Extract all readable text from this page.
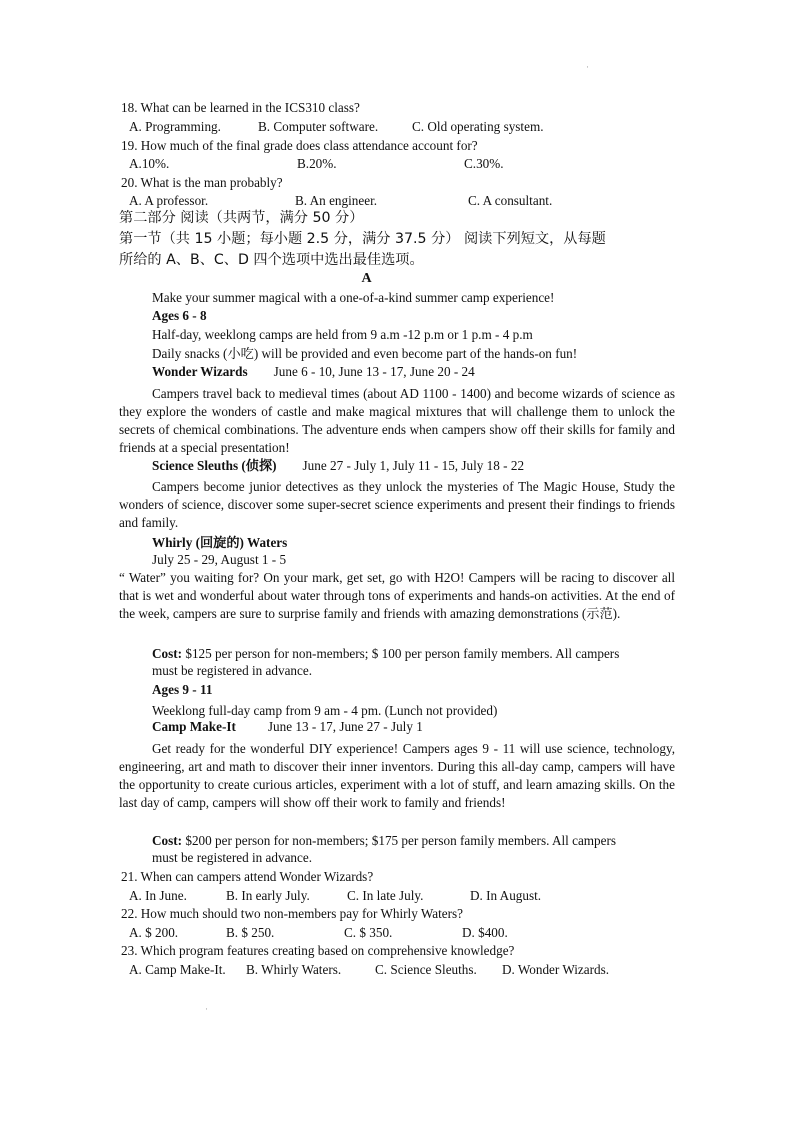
·
18. What can be learned in the ICS310 class?
A. Programming.	B. Computer software.	C. Old operating system.
19. How much of the final grade does class attendance account for?
A.10%.	B.20%.	C.30%.
20. What is the man probably?
A. A professor.	B. An engineer.	C. A consultant.
第二部分 阅读（共两节，满分 50 分）
第一节（共 15 小题；每小题 2.5 分，满分 37.5 分） 阅读下列短文，从每题
所给的 A、B、C、D 四个选项中选出最佳选项。
A
Make your summer magical with a one-of-a-kind summer camp experience!
Ages 6 - 8
Half-day, weeklong camps are held from 9 a.m -12 p.m or 1 p.m - 4 p.m
Daily snacks (小吃) will be provided and even become part of the hands-on fun!
Wonder Wizards June 6 - 10, June 13 - 17, June 20 - 24
Campers travel back to medieval times (about AD 1100 - 1400) and become wizards of science as they explore the wonders of castle and make magical mixtures that will challenge them to unlock the secrets of chemical combinations. The adventure ends when campers show off their skills for family and friends at a special presentation!
Science Sleuths (侦探) June 27 - July 1, July 11 - 15, July 18 - 22
Campers become junior detectives as they unlock the mysteries of The Magic House, Study the wonders of science, discover some super-secret science experiments and present their findings to friends and family.
Whirly (回旋的) Waters
July 25 - 29, August 1 - 5
“ Water” you waiting for? On your mark, get set, go with H2O! Campers will be racing to discover all that is wet and wonderful about water through tons of experiments and hands-on activities. At the end of the week, campers are sure to surprise family and friends with amazing demonstrations (示范).
Cost: $125 per person for non-members; $ 100 per person family members. All campers must be registered in advance.
Ages 9 - 11
Weeklong full-day camp from 9 am - 4 pm. (Lunch not provided)
Camp Make-It June 13 - 17, June 27 - July 1
Get ready for the wonderful DIY experience! Campers ages 9 - 11 will use science, technology, engineering, art and math to discover their inner inventors. During this all-day camp, campers will have the opportunity to create curious articles, experiment with a lot of stuff, and learn amazing skills. On the last day of camp, campers will show off their work to family and friends!
Cost: $200 per person for non-members; $175 per person family members. All campers must be registered in advance.
21. When can campers attend Wonder Wizards?
A. In June.	B. In early July.	C. In late July.	D. In August.
22. How much should two non-members pay for Whirly Waters?
A. $ 200.	B. $ 250.	C. $ 350.	D. $400.
23. Which program features creating based on comprehensive knowledge?
A. Camp Make-It. B. Whirly Waters.	C. Science Sleuths. D. Wonder Wizards.
·
